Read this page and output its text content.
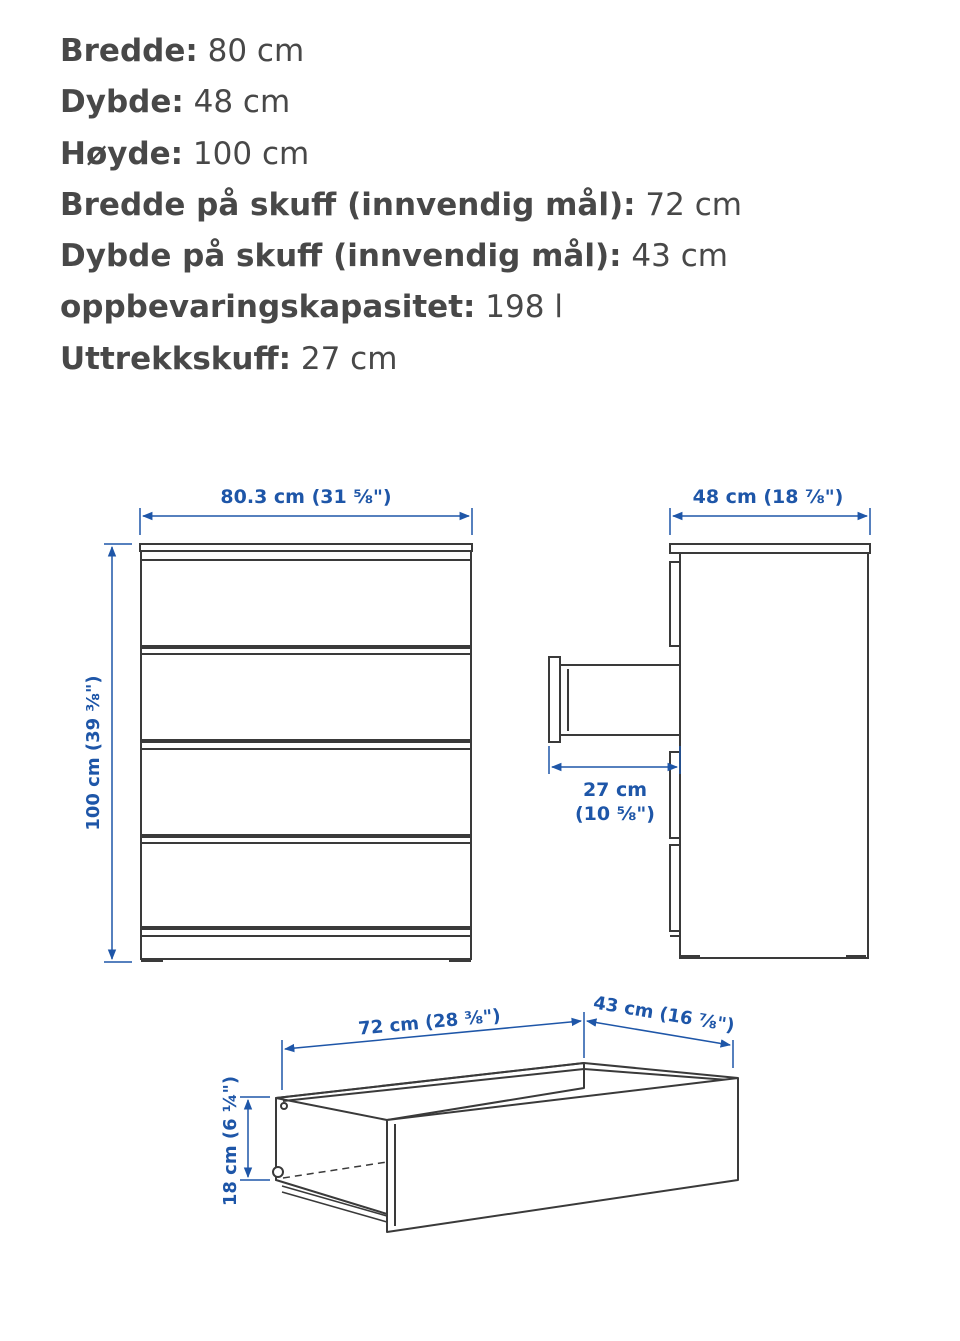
Bredde: 80 cm
Dybde: 48 cm
Høyde: 100 cm
Bredde på skuff (innvendig mål): 72 cm
Dybde på skuff (innvendig mål): 43 cm
oppbevaringskapasitet: 198 l
Uttrekkskuff: 27 cm
80.3 cm (31 ⅝")
100 cm (39 ⅜")
48 cm (18 ⅞")
27 cm
(10 ⅝")
72 cm (28 ⅜")	43 cm (16 ⅞")
18 cm (6 ¼")
